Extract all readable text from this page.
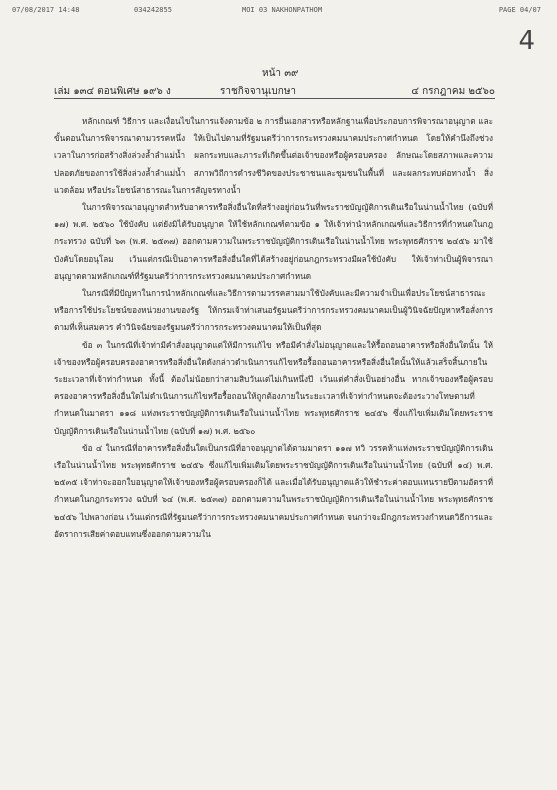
07/08/2017 14:48	034242855	MOI 03 NAKHONPATHOM	PAGE 04/07
4
หน้า ๓๙
เล่ม ๑๓๔ ตอนพิเศษ ๑๙๖ ง	ราชกิจจานุเบกษา	๔ กรกฎาคม ๒๕๖๐

หลักเกณฑ์ วิธีการ และเงื่อนไขในการแจ้งตามข้อ ๒ การยื่นเอกสารหรือหลักฐานเพื่อประกอบการพิจารณาอนุญาต และขั้นตอนในการพิจารณาตามวรรคหนึ่ง ให้เป็นไปตามที่รัฐมนตรีว่าการกระทรวงคมนาคมประกาศกำหนด โดยให้คำนึงถึงช่วงเวลาในการก่อสร้างสิ่งล่วงล้ำลำแม่น้ำ ผลกระทบและภาระที่เกิดขึ้นต่อเจ้าของหรือผู้ครอบครอง ลักษณะโดยสภาพและความปลอดภัยของการใช้สิ่งล่วงล้ำลำแม่น้ำ สภาพวิถีการดำรงชีวิตของประชาชนและชุมชนในพื้นที่ และผลกระทบต่อทางน้ำ สิ่งแวดล้อม หรือประโยชน์สาธารณะในการสัญจรทางน้ำ

ในการพิจารณาอนุญาตสำหรับอาคารหรือสิ่งอื่นใดที่สร้างอยู่ก่อนวันที่พระราชบัญญัติการเดินเรือในน่านน้ำไทย (ฉบับที่ ๑๗) พ.ศ. ๒๕๖๐ ใช้บังคับ แต่ยังมิได้รับอนุญาต ให้ใช้หลักเกณฑ์ตามข้อ ๑ ให้เจ้าท่านำหลักเกณฑ์และวิธีการที่กำหนดในกฎกระทรวง ฉบับที่ ๖๓ (พ.ศ. ๒๕๓๗) ออกตามความในพระราชบัญญัติการเดินเรือในน่านน้ำไทย พระพุทธศักราช ๒๔๕๖ มาใช้บังคับโดยอนุโลม เว้นแต่กรณีเป็นอาคารหรือสิ่งอื่นใดที่ได้สร้างอยู่ก่อนกฎกระทรวงมีผลใช้บังคับ ให้เจ้าท่าเป็นผู้พิจารณาอนุญาตตามหลักเกณฑ์ที่รัฐมนตรีว่าการกระทรวงคมนาคมประกาศกำหนด

ในกรณีที่มีปัญหาในการนำหลักเกณฑ์และวิธีการตามวรรคสามมาใช้บังคับและมีความจำเป็นเพื่อประโยชน์สาธารณะหรือการใช้ประโยชน์ของหน่วยงานของรัฐ ให้กรมเจ้าท่าเสนอรัฐมนตรีว่าการกระทรวงคมนาคมเป็นผู้วินิจฉัยปัญหาหรือสั่งการตามที่เห็นสมควร คำวินิจฉัยของรัฐมนตรีว่าการกระทรวงคมนาคมให้เป็นที่สุด

ข้อ ๓ ในกรณีที่เจ้าท่ามีคำสั่งอนุญาตแต่ให้มีการแก้ไข หรือมีคำสั่งไม่อนุญาตและให้รื้อถอนอาคารหรือสิ่งอื่นใดนั้น ให้เจ้าของหรือผู้ครอบครองอาคารหรือสิ่งอื่นใดดังกล่าวดำเนินการแก้ไขหรือรื้อถอนอาคารหรือสิ่งอื่นใดนั้นให้แล้วเสร็จสิ้นภายในระยะเวลาที่เจ้าท่ากำหนด ทั้งนี้ ต้องไม่น้อยกว่าสามสิบวันแต่ไม่เกินหนึ่งปี เว้นแต่คำสั่งเป็นอย่างอื่น หากเจ้าของหรือผู้ครอบครองอาคารหรือสิ่งอื่นใดไม่ดำเนินการแก้ไขหรือรื้อถอนให้ถูกต้องภายในระยะเวลาที่เจ้าท่ากำหนดจะต้องระวางโทษตามที่กำหนดในมาตรา ๑๑๘ แห่งพระราชบัญญัติการเดินเรือในน่านน้ำไทย พระพุทธศักราช ๒๔๕๖ ซึ่งแก้ไขเพิ่มเติมโดยพระราชบัญญัติการเดินเรือในน่านน้ำไทย (ฉบับที่ ๑๗) พ.ศ. ๒๕๖๐

ข้อ ๔ ในกรณีที่อาคารหรือสิ่งอื่นใดเป็นกรณีที่อาจอนุญาตได้ตามมาตรา ๑๑๗ ทวิ วรรคห้าแห่งพระราชบัญญัติการเดินเรือในน่านน้ำไทย พระพุทธศักราช ๒๔๕๖ ซึ่งแก้ไขเพิ่มเติมโดยพระราชบัญญัติการเดินเรือในน่านน้ำไทย (ฉบับที่ ๑๔) พ.ศ. ๒๕๓๕ เจ้าท่าจะออกใบอนุญาตให้เจ้าของหรือผู้ครอบครองก็ได้ และเมื่อได้รับอนุญาตแล้วให้ชำระค่าตอบแทนรายปีตามอัตราที่กำหนดในกฎกระทรวง ฉบับที่ ๖๔ (พ.ศ. ๒๕๓๗) ออกตามความในพระราชบัญญัติการเดินเรือในน่านน้ำไทย พระพุทธศักราช ๒๔๕๖ ไปพลางก่อน เว้นแต่กรณีที่รัฐมนตรีว่าการกระทรวงคมนาคมประกาศกำหนด จนกว่าจะมีกฎกระทรวงกำหนดวิธีการและอัตราการเสียค่าตอบแทนซึ่งออกตามความใน
